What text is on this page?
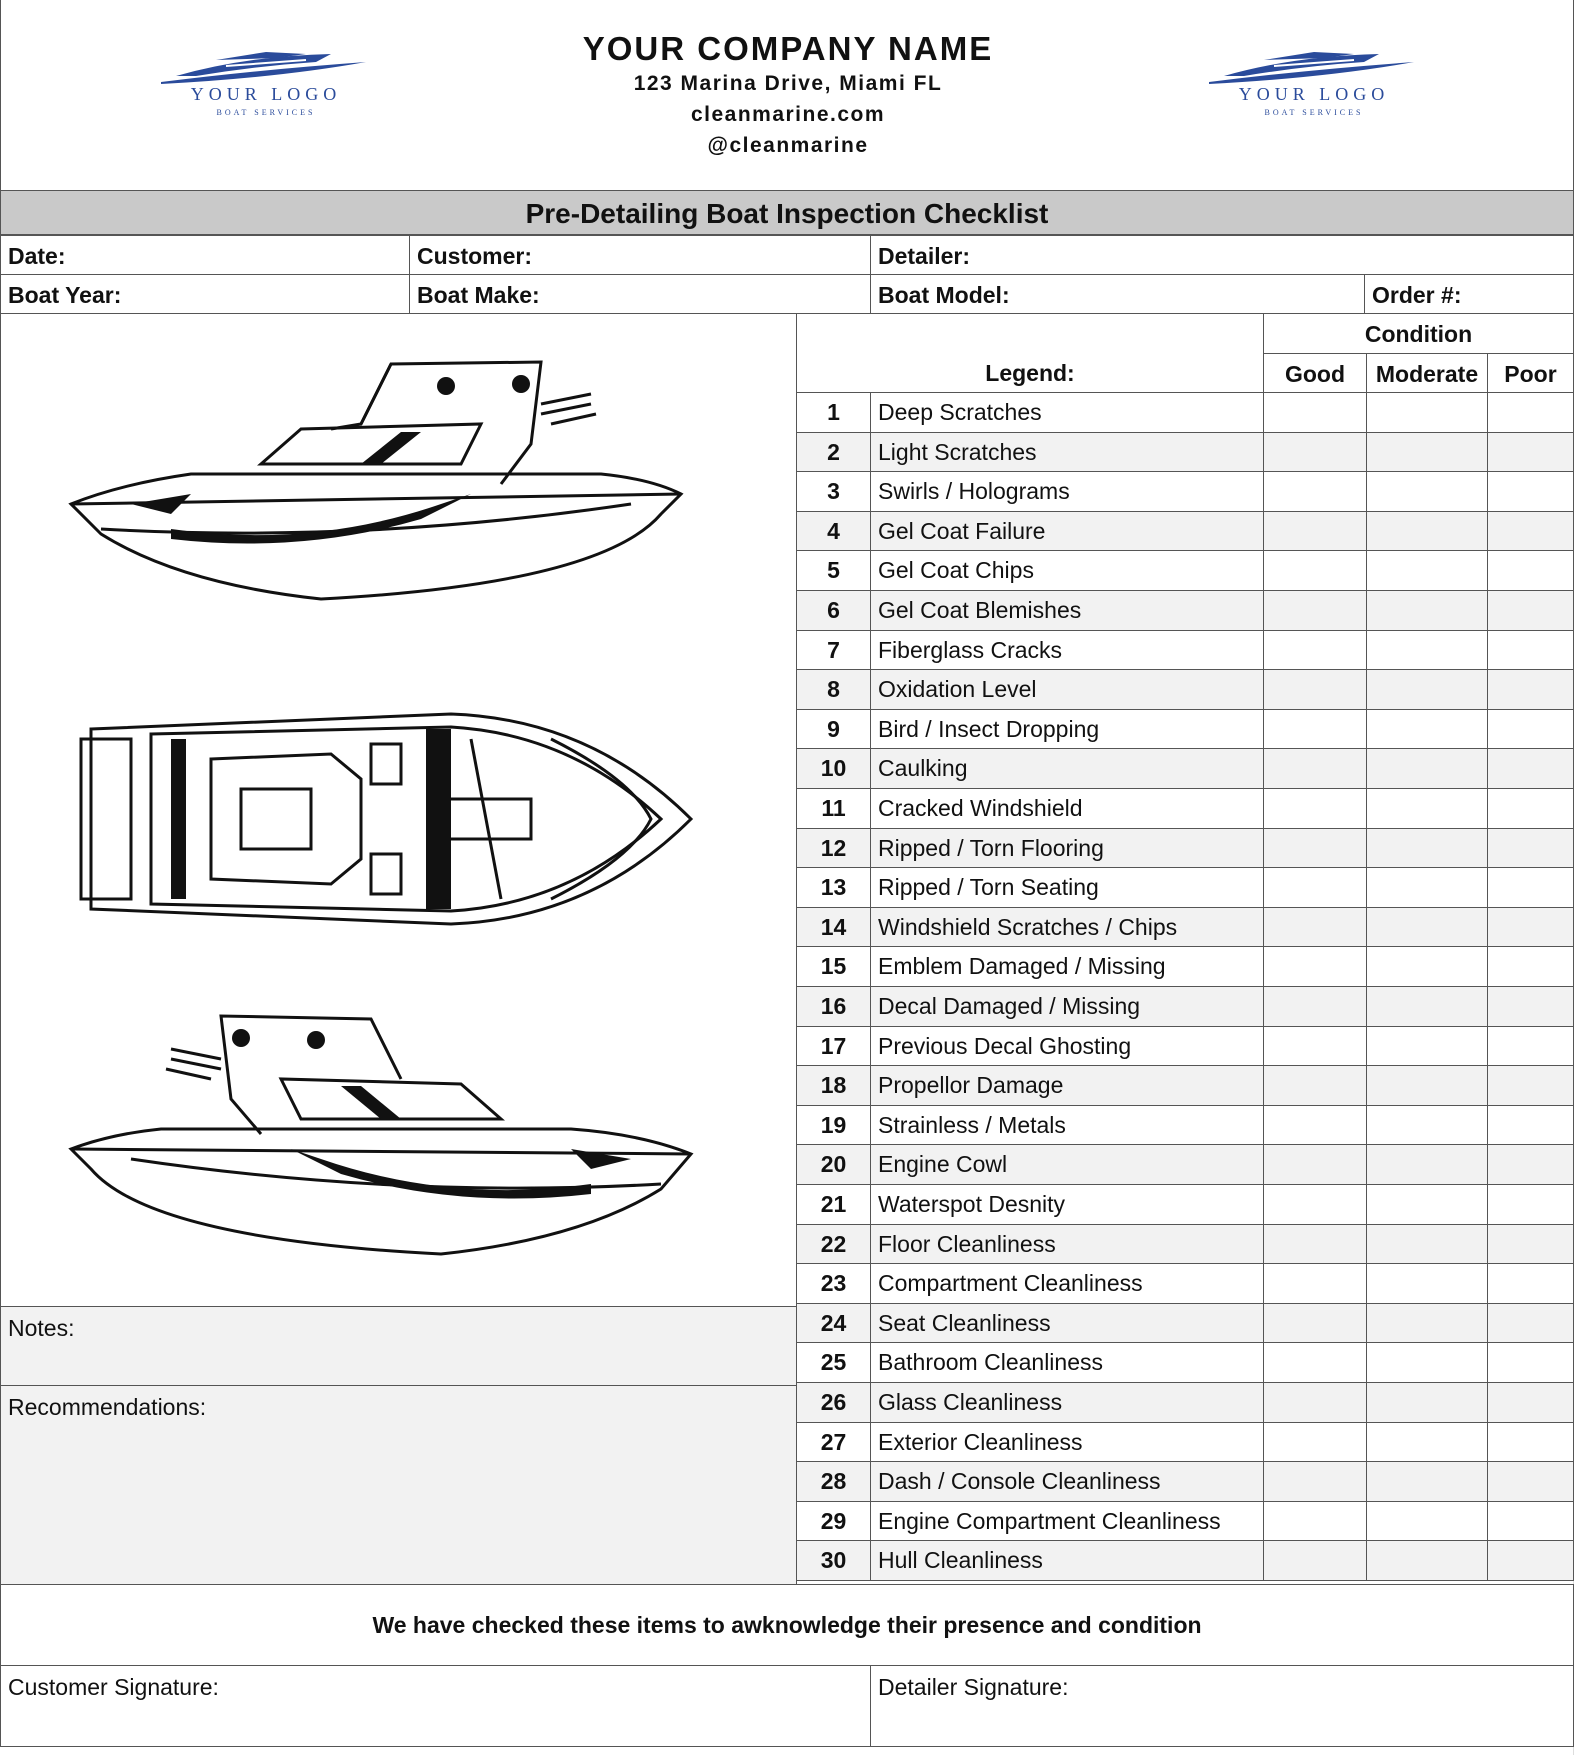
YOUR LOGO
BOAT SERVICES
YOUR COMPANY NAME
123 Marina Drive, Miami FL
cleanmarine.com
@cleanmarine
YOUR LOGO
BOAT SERVICES
Pre-Detailing Boat Inspection Checklist
Date:	Customer:	Detailer:
Boat Year:	Boat Make:	Boat Model:	Order #:
Notes:
Recommendations:
Legend:
Condition
Good	Moderate	Poor
1	Deep Scratches
2	Light Scratches
3	Swirls / Holograms
4	Gel Coat Failure
5	Gel Coat Chips
6	Gel Coat Blemishes
7	Fiberglass Cracks
8	Oxidation Level
9	Bird / Insect Dropping
10	Caulking
11	Cracked Windshield
12	Ripped / Torn Flooring
13	Ripped / Torn Seating
14	Windshield Scratches / Chips
15	Emblem Damaged / Missing
16	Decal Damaged / Missing
17	Previous Decal Ghosting
18	Propellor Damage
19	Strainless / Metals
20	Engine Cowl
21	Waterspot Desnity
22	Floor Cleanliness
23	Compartment Cleanliness
24	Seat Cleanliness
25	Bathroom Cleanliness
26	Glass Cleanliness
27	Exterior Cleanliness
28	Dash / Console Cleanliness
29	Engine Compartment Cleanliness
30	Hull Cleanliness
We have checked these items to awknowledge their presence and condition
Customer Signature:	Detailer Signature:
